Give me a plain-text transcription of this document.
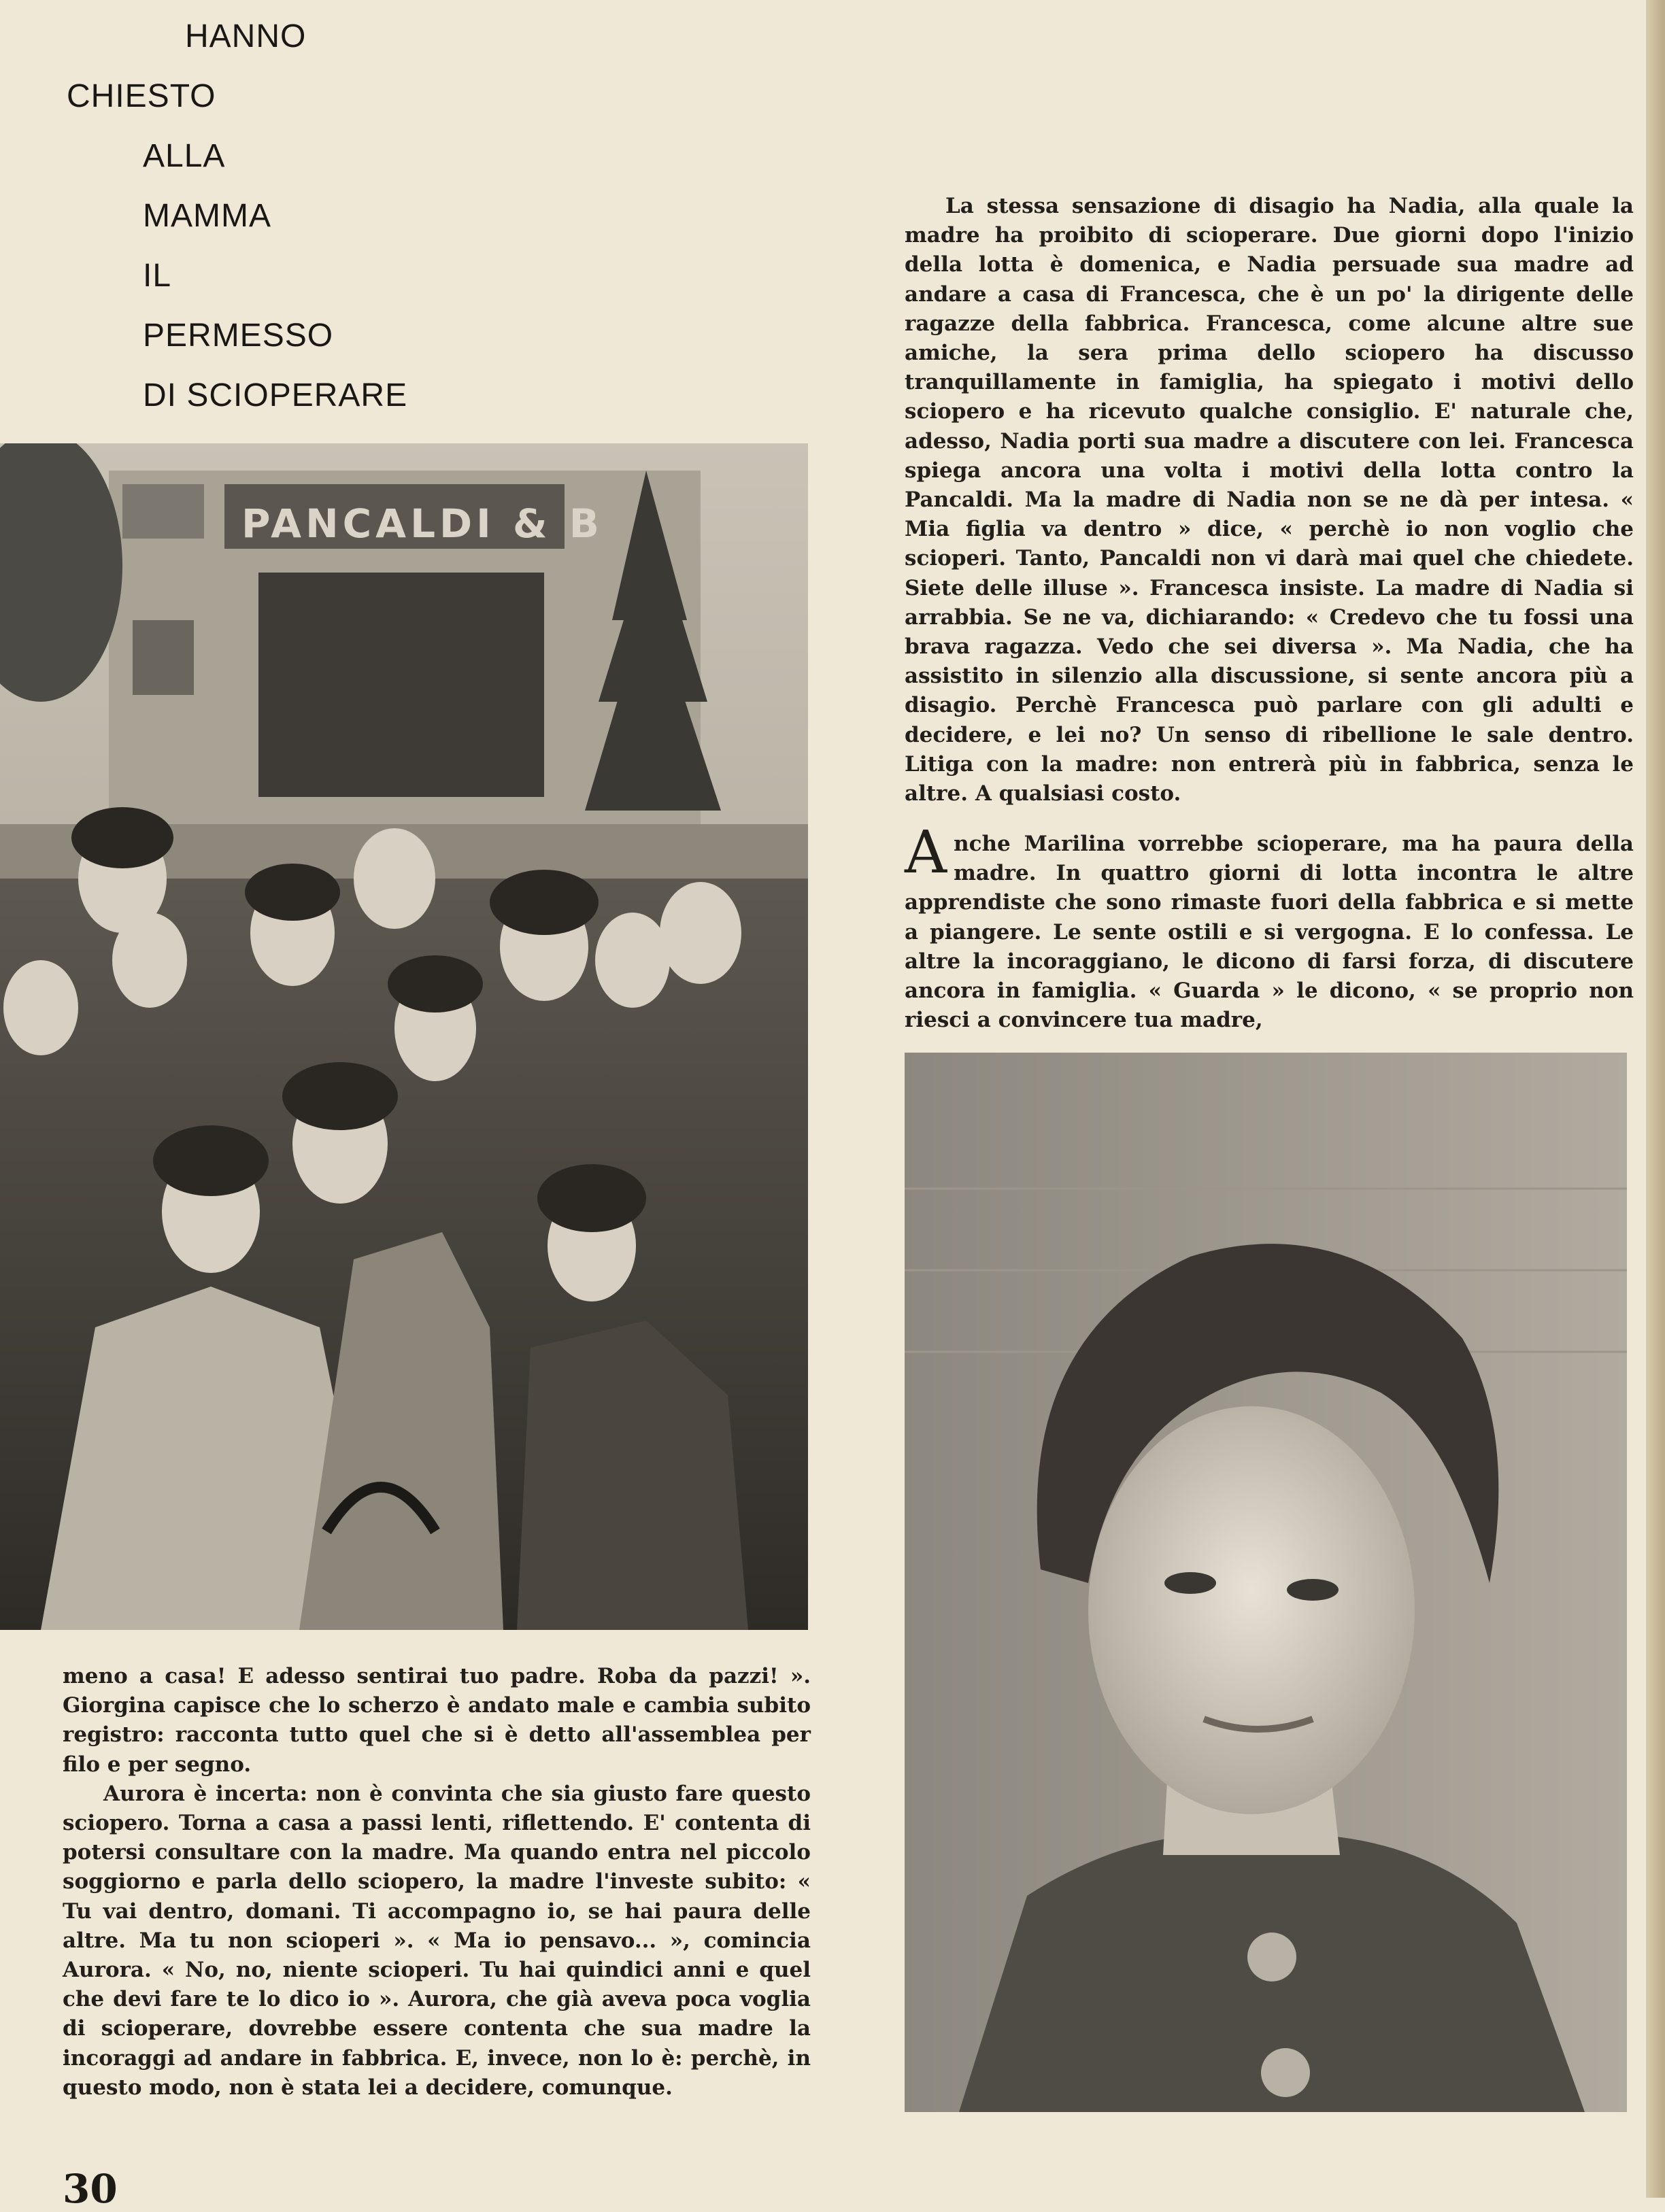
HANNO
CHIESTO
ALLA
MAMMA
IL
PERMESSO
DI SCIOPERARE
PANCALDI & B

La stessa sensazione di disagio ha Nadia, alla quale la madre ha proibito di scioperare. Due giorni dopo l'inizio della lotta è domenica, e Nadia persuade sua madre ad andare a casa di Francesca, che è un po' la dirigente delle ragazze della fabbrica. Francesca, come alcune altre sue amiche, la sera prima dello sciopero ha discusso tranquillamente in famiglia, ha spiegato i motivi dello sciopero e ha ricevuto qualche consiglio. E' naturale che, adesso, Nadia porti sua madre a discutere con lei. Francesca spiega ancora una volta i motivi della lotta contro la Pancaldi. Ma la madre di Nadia non se ne dà per intesa. « Mia figlia va dentro » dice, « perchè io non voglio che scioperi. Tanto, Pancaldi non vi darà mai quel che chiedete. Siete delle illuse ». Francesca insiste. La madre di Nadia si arrabbia. Se ne va, dichiarando: « Credevo che tu fossi una brava ragazza. Vedo che sei diversa ». Ma Nadia, che ha assistito in silenzio alla discussione, si sente ancora più a disagio. Perchè Francesca può parlare con gli adulti e decidere, e lei no? Un senso di ribellione le sale dentro. Litiga con la madre: non entrerà più in fabbrica, senza le altre. A qualsiasi costo.

Anche Marilina vorrebbe scioperare, ma ha paura della madre. In quattro giorni di lotta incontra le altre apprendiste che sono rimaste fuori della fabbrica e si mette a piangere. Le sente ostili e si vergogna. E lo confessa. Le altre la incoraggiano, le dicono di farsi forza, di discutere ancora in famiglia. « Guarda » le dicono, « se proprio non riesci a convincere tua madre,

meno a casa! E adesso sentirai tuo padre. Roba da pazzi! ». Giorgina capisce che lo scherzo è andato male e cambia subito registro: racconta tutto quel che si è detto all'assemblea per filo e per segno.

Aurora è incerta: non è convinta che sia giusto fare questo sciopero. Torna a casa a passi lenti, riflettendo. E' contenta di potersi consultare con la madre. Ma quando entra nel piccolo soggiorno e parla dello sciopero, la madre l'investe subito: « Tu vai dentro, domani. Ti accompagno io, se hai paura delle altre. Ma tu non scioperi ». « Ma io pensavo... », comincia Aurora. « No, no, niente scioperi. Tu hai quindici anni e quel che devi fare te lo dico io ». Aurora, che già aveva poca voglia di scioperare, dovrebbe essere contenta che sua madre la incoraggi ad andare in fabbrica. E, invece, non lo è: perchè, in questo modo, non è stata lei a decidere, comunque.

30
